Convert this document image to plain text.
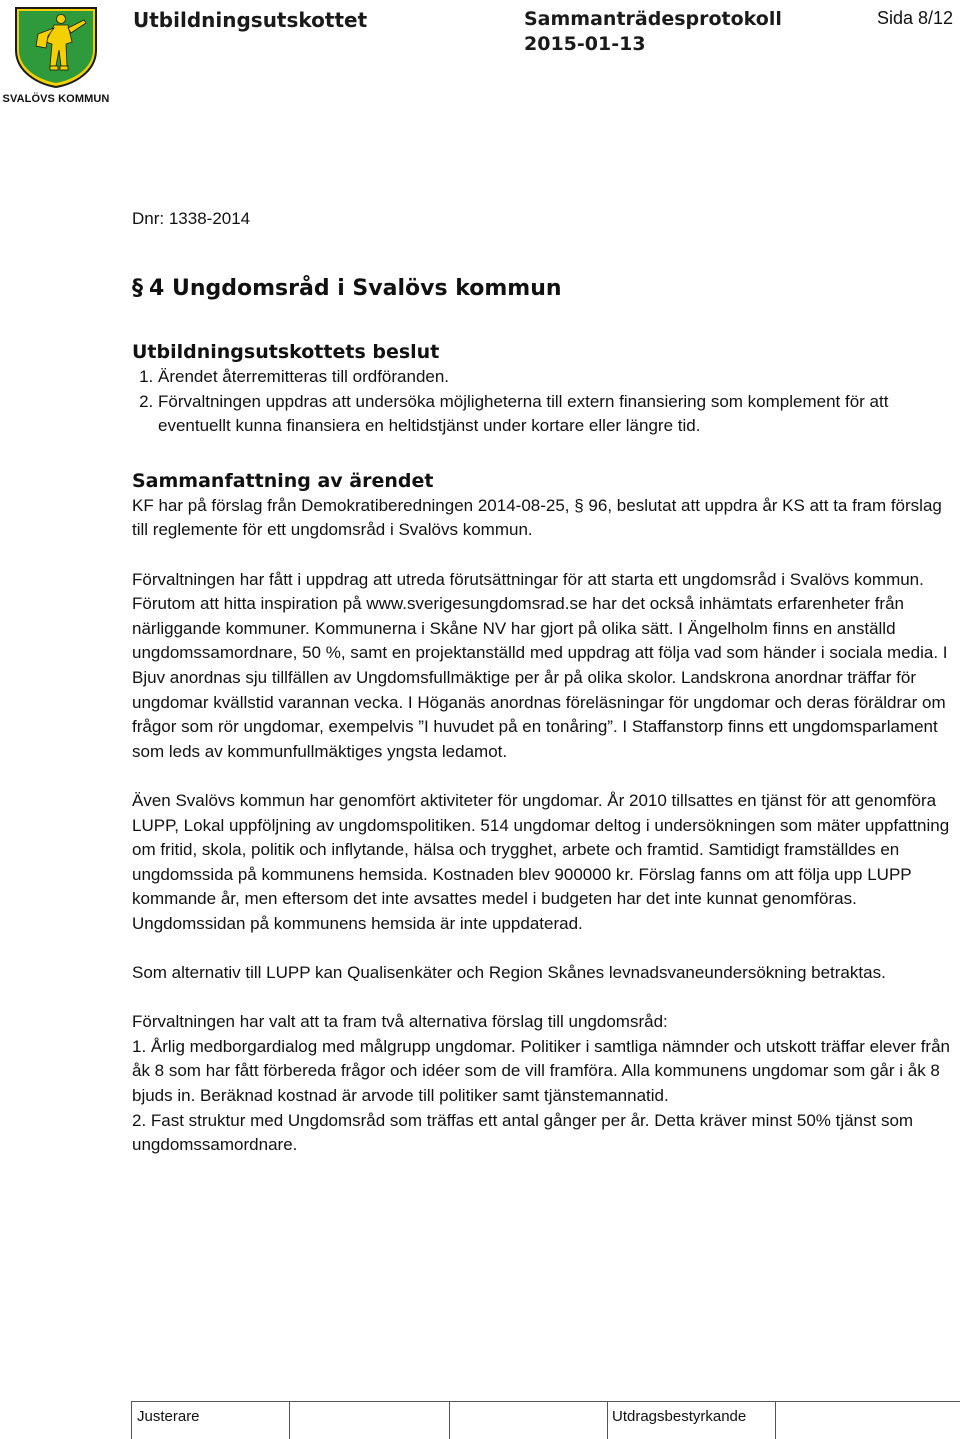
SVALÖVS KOMMUN
Utbildningsutskottet	Sammanträdesprotokoll
2015-01-13
Sida 8/12

Dnr: 1338-2014

§ 4 Ungdomsråd i Svalövs kommun

Utbildningsutskottets beslut

1. Ärendet återremitteras till ordföranden.
2. Förvaltningen uppdras att undersöka möjligheterna till extern finansiering som komplement för att eventuellt kunna finansiera en heltidstjänst under kortare eller längre tid.

Sammanfattning av ärendet

KF har på förslag från Demokratiberedningen 2014-08-25, § 96, beslutat att uppdra år KS att ta fram förslag till reglemente för ett ungdomsråd i Svalövs kommun.

Förvaltningen har fått i uppdrag att utreda förutsättningar för att starta ett ungdomsråd i Svalövs kommun. Förutom att hitta inspiration på www.sverigesungdomsrad.se har det också inhämtats erfarenheter från närliggande kommuner. Kommunerna i Skåne NV har gjort på olika sätt. I Ängelholm finns en anställd ungdomssamordnare, 50 %, samt en projektanställd med uppdrag att följa vad som händer i sociala media. I Bjuv anordnas sju tillfällen av Ungdomsfullmäktige per år på olika skolor. Landskrona anordnar träffar för ungdomar kvällstid varannan vecka. I Höganäs anordnas föreläsningar för ungdomar och deras föräldrar om frågor som rör ungdomar, exempelvis ”I huvudet på en tonåring”. I Staffanstorp finns ett ungdomsparlament som leds av kommunfullmäktiges yngsta ledamot.

Även Svalövs kommun har genomfört aktiviteter för ungdomar. År 2010 tillsattes en tjänst för att genomföra LUPP, Lokal uppföljning av ungdomspolitiken. 514 ungdomar deltog i undersökningen som mäter uppfattning om fritid, skola, politik och inflytande, hälsa och trygghet, arbete och framtid. Samtidigt framställdes en ungdomssida på kommunens hemsida. Kostnaden blev 900000 kr. Förslag fanns om att följa upp LUPP kommande år, men eftersom det inte avsattes medel i budgeten har det inte kunnat genomföras. Ungdomssidan på kommunens hemsida är inte uppdaterad.

Som alternativ till LUPP kan Qualisenkäter och Region Skånes levnadsvaneundersökning betraktas.

Förvaltningen har valt att ta fram två alternativa förslag till ungdomsråd:

1. Årlig medborgardialog med målgrupp ungdomar. Politiker i samtliga nämnder och utskott träffar elever från åk 8 som har fått förbereda frågor och idéer som de vill framföra. Alla kommunens ungdomar som går i åk 8 bjuds in. Beräknad kostnad är arvode till politiker samt tjänstemannatid.

2. Fast struktur med Ungdomsråd som träffas ett antal gånger per år. Detta kräver minst 50% tjänst som ungdomssamordnare.

Justerare	Utdragsbestyrkande
